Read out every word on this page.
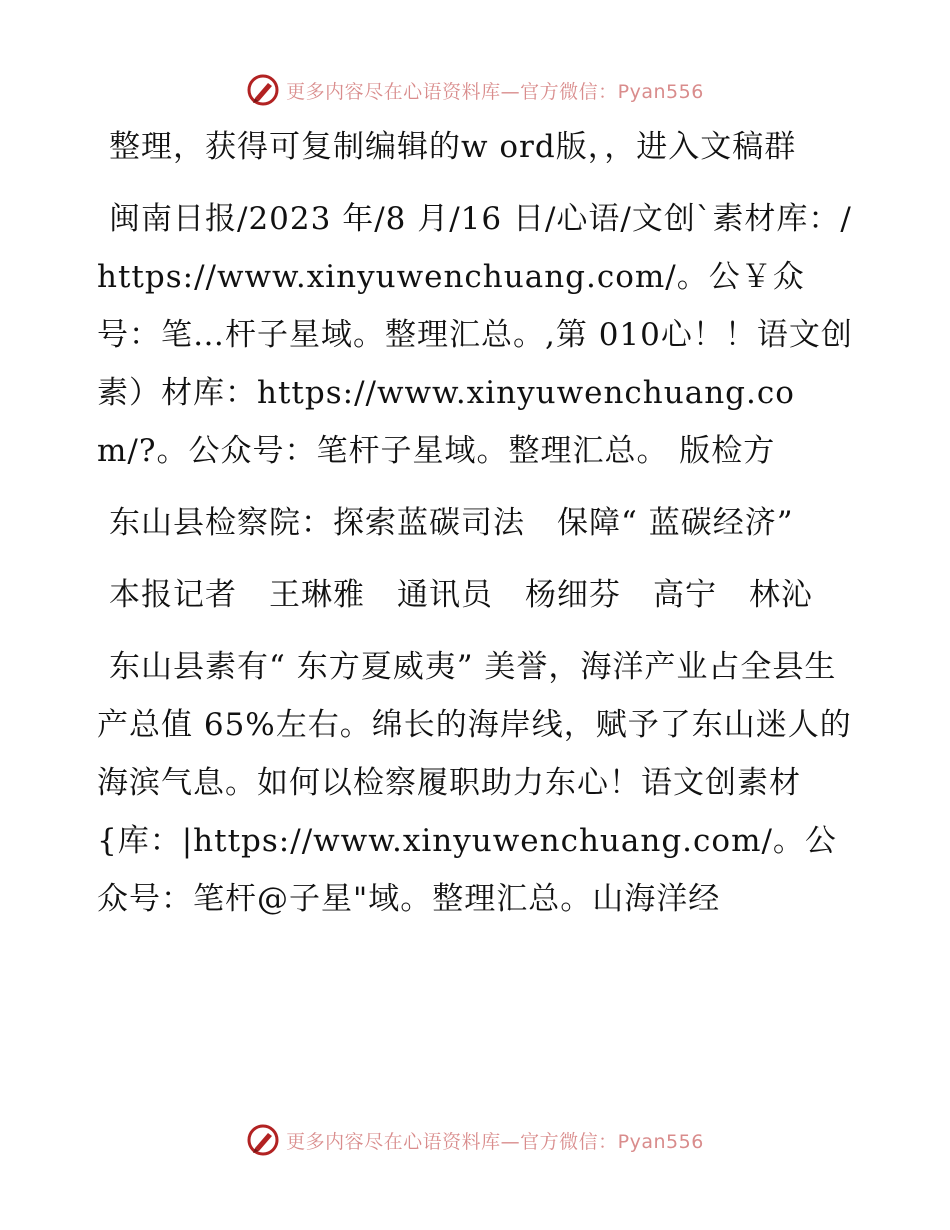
更多内容尽在心语资料库—官方微信：Pyan556

整理，获得可复制编辑的w ord版，，进入文稿群

闽南日报/2023 年/8 月/16 日/心语/文创`素材库：/https://www.xinyuwenchuang.com/。公￥众号：笔…杆子星域。整理汇总。,第 010心！！语文创素）材库：https://www.xinyuwenchuang.com/?。公众号：笔杆子星域。整理汇总。 版检方

东山县检察院：探索蓝碳司法　保障“ 蓝碳经济”

本报记者　王琳雅　通讯员　杨细芬　高宁　林沁

东山县素有“ 东方夏威夷” 美誉，海洋产业占全县生产总值 65%左右。绵长的海岸线，赋予了东山迷人的海滨气息。如何以检察履职助力东心！语文创素材{库：|https://www.xinyuwenchuang.com/。公众号：笔杆@子星"域。整理汇总。山海洋经

更多内容尽在心语资料库—官方微信：Pyan556
